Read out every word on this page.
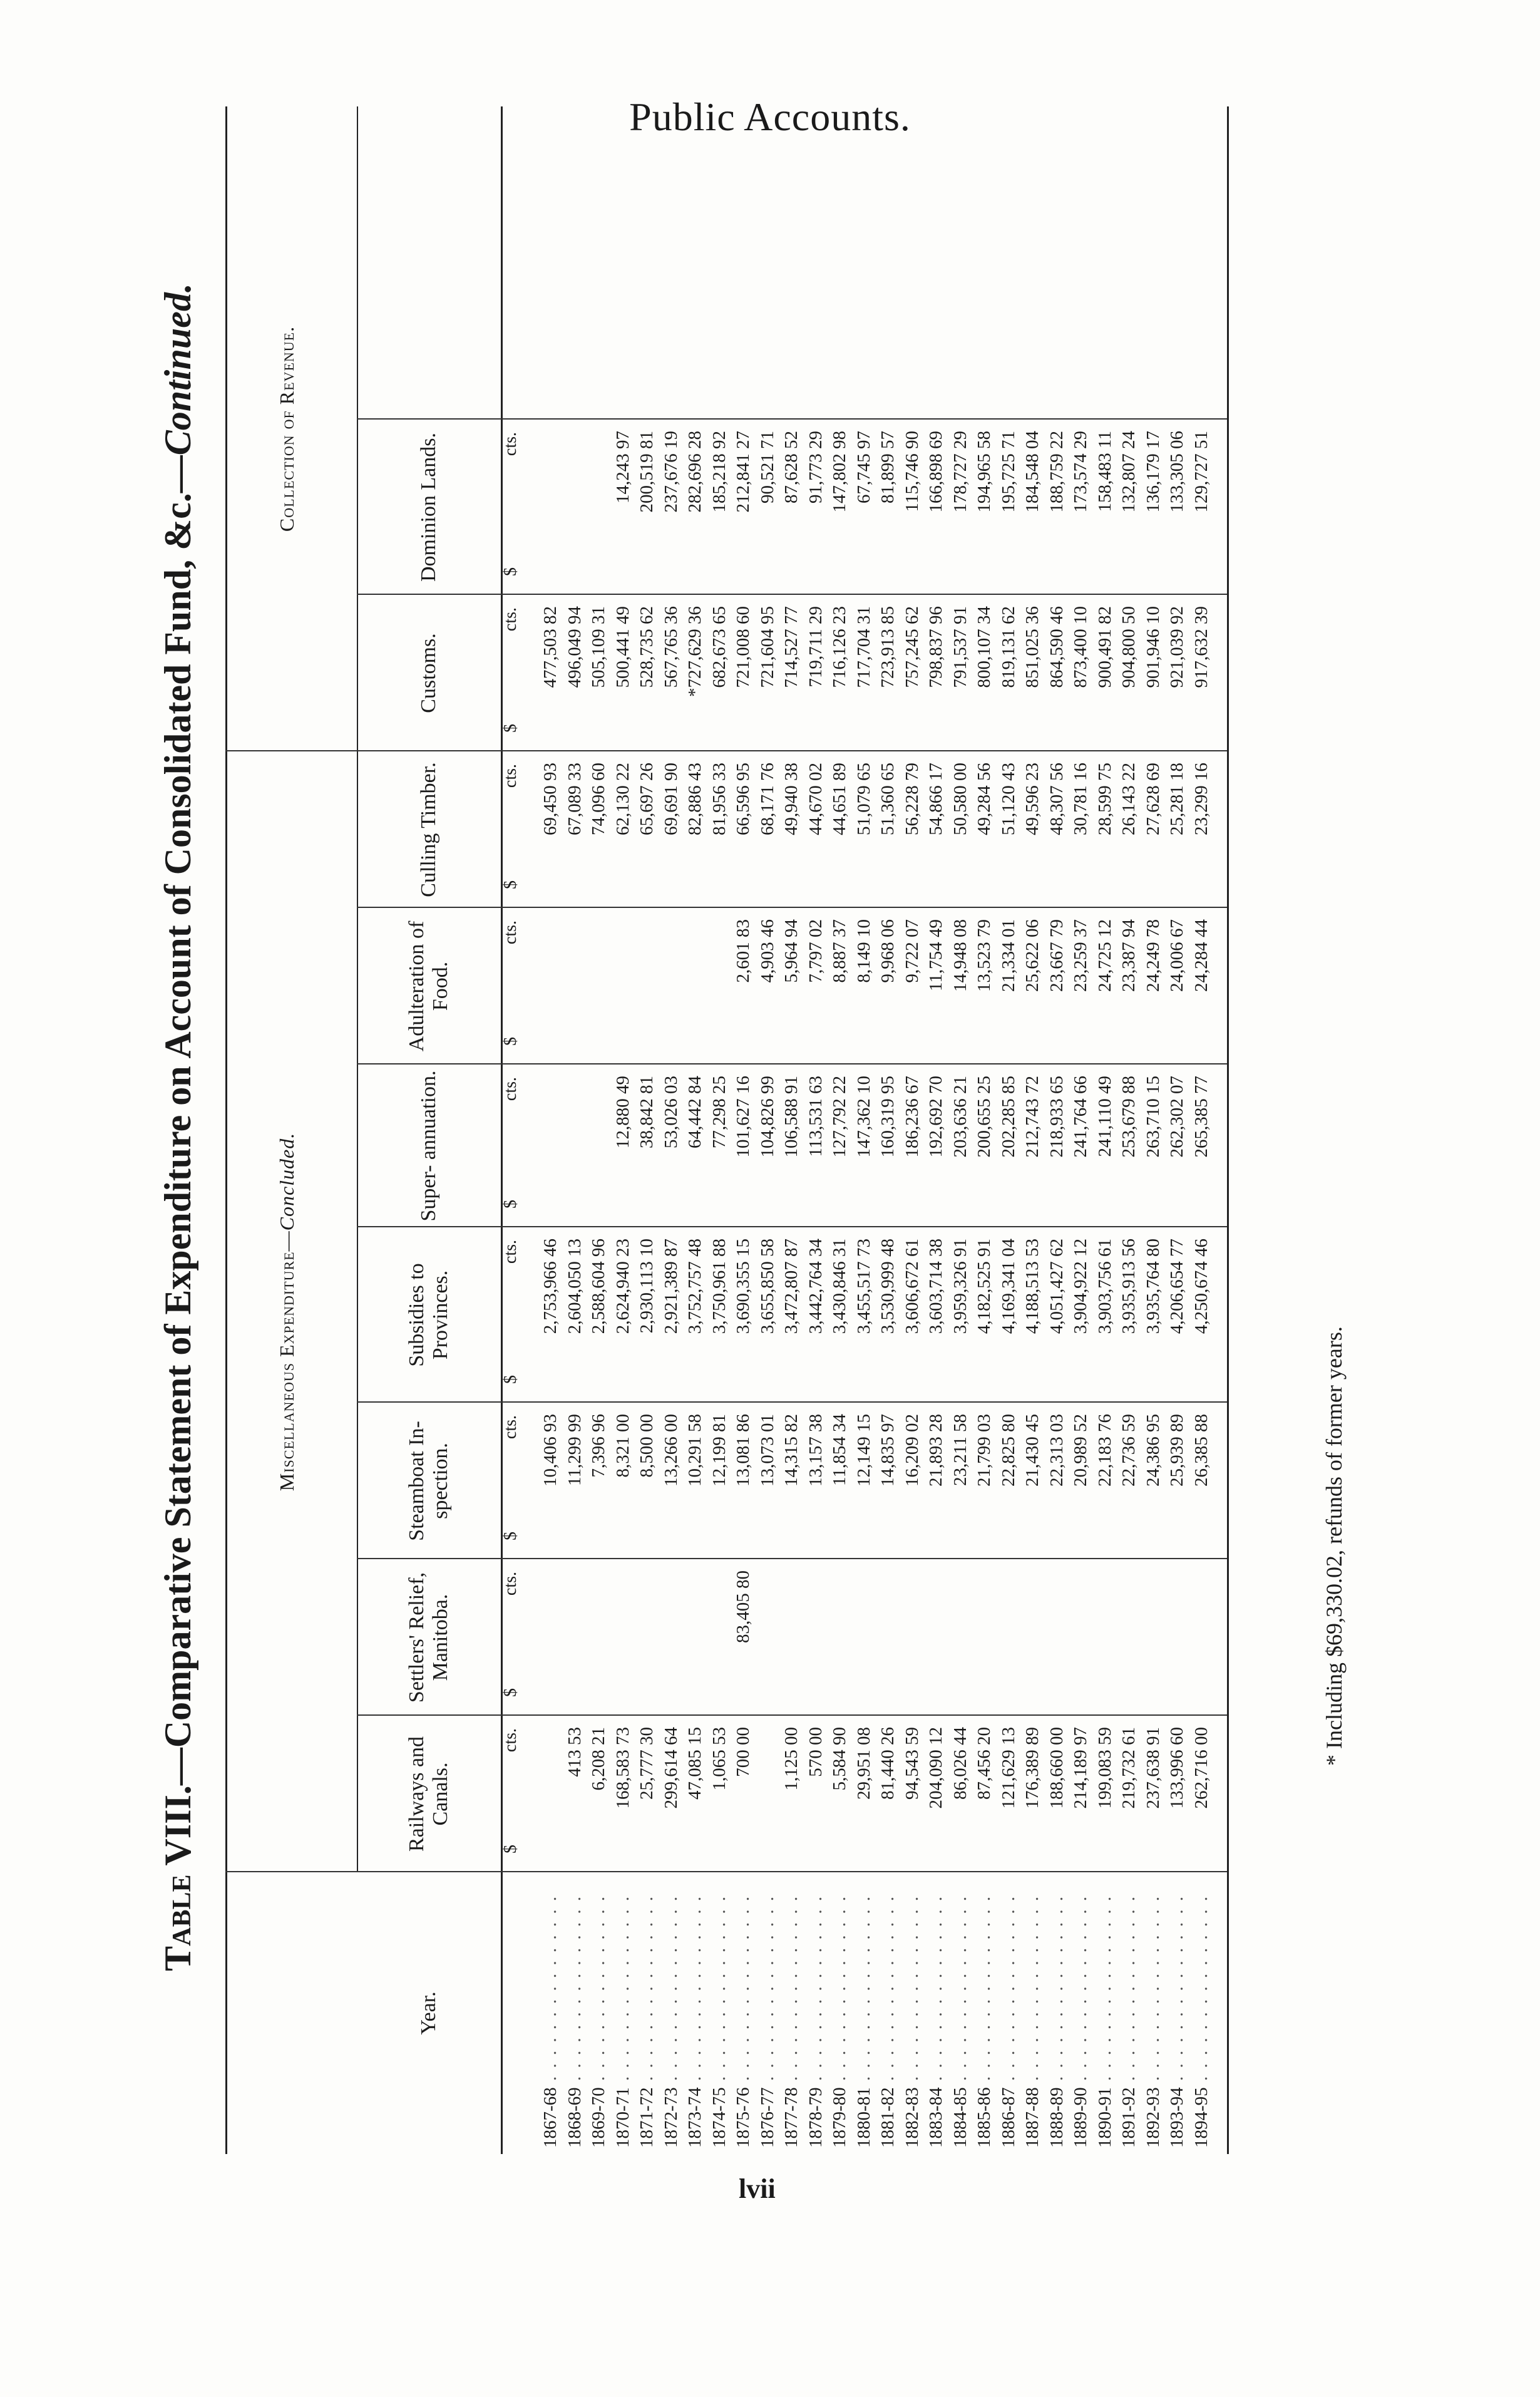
Public Accounts.
Table VIII.—Comparative Statement of Expenditure on Account of Consolidated Fund, &c.—Continued.
Miscellaneous Expenditure—Concluded.
Collection of Revenue.
Year.
Railways and Canals.
Settlers' Relief, Manitoba.
Steamboat In- spection.
Subsidies to Provinces.
Super- annuation.
Adulteration of Food.
Culling Timber.
Customs.
Dominion Lands.
$
cts.
$
cts.
$
cts.
$
cts.
$
cts.
$
cts.
$
cts.
$
cts.
$
cts.
1867-68 . . . . . . . . . . . . . . .
10,406 93
2,753,966 46
69,450 93
477,503 82
1868-69 . . . . . . . . . . . . . . .
413 53
11,299 99
2,604,050 13
67,089 33
496,049 94
1869-70 . . . . . . . . . . . . . . .
6,208 21
7,396 96
2,588,604 96
74,096 60
505,109 31
1870-71 . . . . . . . . . . . . . . .
168,583 73
8,321 00
2,624,940 23
12,880 49
62,130 22
500,441 49
14,243 97
1871-72 . . . . . . . . . . . . . . .
25,777 30
8,500 00
2,930,113 10
38,842 81
65,697 26
528,735 62
200,519 81
1872-73 . . . . . . . . . . . . . . .
299,614 64
13,266 00
2,921,389 87
53,026 03
69,691 90
567,765 36
237,676 19
1873-74 . . . . . . . . . . . . . . .
47,085 15
10,291 58
3,752,757 48
64,442 84
82,886 43
*727,629 36
282,696 28
1874-75 . . . . . . . . . . . . . . .
1,065 53
12,199 81
3,750,961 88
77,298 25
81,956 33
682,673 65
185,218 92
1875-76 . . . . . . . . . . . . . . .
700 00
83,405 80
13,081 86
3,690,355 15
101,627 16
2,601 83
66,596 95
721,008 60
212,841 27
1876-77 . . . . . . . . . . . . . . .
13,073 01
3,655,850 58
104,826 99
4,903 46
68,171 76
721,604 95
90,521 71
1877-78 . . . . . . . . . . . . . . .
1,125 00
14,315 82
3,472,807 87
106,588 91
5,964 94
49,940 38
714,527 77
87,628 52
1878-79 . . . . . . . . . . . . . . .
570 00
13,157 38
3,442,764 34
113,531 63
7,797 02
44,670 02
719,711 29
91,773 29
1879-80 . . . . . . . . . . . . . . .
5,584 90
11,854 34
3,430,846 31
127,792 22
8,887 37
44,651 89
716,126 23
147,802 98
1880-81 . . . . . . . . . . . . . . .
29,951 08
12,149 15
3,455,517 73
147,362 10
8,149 10
51,079 65
717,704 31
67,745 97
1881-82 . . . . . . . . . . . . . . .
81,440 26
14,835 97
3,530,999 48
160,319 95
9,968 06
51,360 65
723,913 85
81,899 57
1882-83 . . . . . . . . . . . . . . .
94,543 59
16,209 02
3,606,672 61
186,236 67
9,722 07
56,228 79
757,245 62
115,746 90
1883-84 . . . . . . . . . . . . . . .
204,090 12
21,893 28
3,603,714 38
192,692 70
11,754 49
54,866 17
798,837 96
166,898 69
1884-85 . . . . . . . . . . . . . . .
86,026 44
23,211 58
3,959,326 91
203,636 21
14,948 08
50,580 00
791,537 91
178,727 29
1885-86 . . . . . . . . . . . . . . .
87,456 20
21,799 03
4,182,525 91
200,655 25
13,523 79
49,284 56
800,107 34
194,965 58
1886-87 . . . . . . . . . . . . . . .
121,629 13
22,825 80
4,169,341 04
202,285 85
21,334 01
51,120 43
819,131 62
195,725 71
1887-88 . . . . . . . . . . . . . . .
176,389 89
21,430 45
4,188,513 53
212,743 72
25,622 06
49,596 23
851,025 36
184,548 04
1888-89 . . . . . . . . . . . . . . .
188,660 00
22,313 03
4,051,427 62
218,933 65
23,667 79
48,307 56
864,590 46
188,759 22
1889-90 . . . . . . . . . . . . . . .
214,189 97
20,989 52
3,904,922 12
241,764 66
23,259 37
30,781 16
873,400 10
173,574 29
1890-91 . . . . . . . . . . . . . . .
199,083 59
22,183 76
3,903,756 61
241,110 49
24,725 12
28,599 75
900,491 82
158,483 11
1891-92 . . . . . . . . . . . . . . .
219,732 61
22,736 59
3,935,913 56
253,679 88
23,387 94
26,143 22
904,800 50
132,807 24
1892-93 . . . . . . . . . . . . . . .
237,638 91
24,386 95
3,935,764 80
263,710 15
24,249 78
27,628 69
901,946 10
136,179 17
1893-94 . . . . . . . . . . . . . . .
133,996 60
25,939 89
4,206,654 77
262,302 07
24,006 67
25,281 18
921,039 92
133,305 06
1894-95 . . . . . . . . . . . . . . .
262,716 00
26,385 88
4,250,674 46
265,385 77
24,284 44
23,299 16
917,632 39
129,727 51
* Including $69,330.02, refunds of former years.
lvii
